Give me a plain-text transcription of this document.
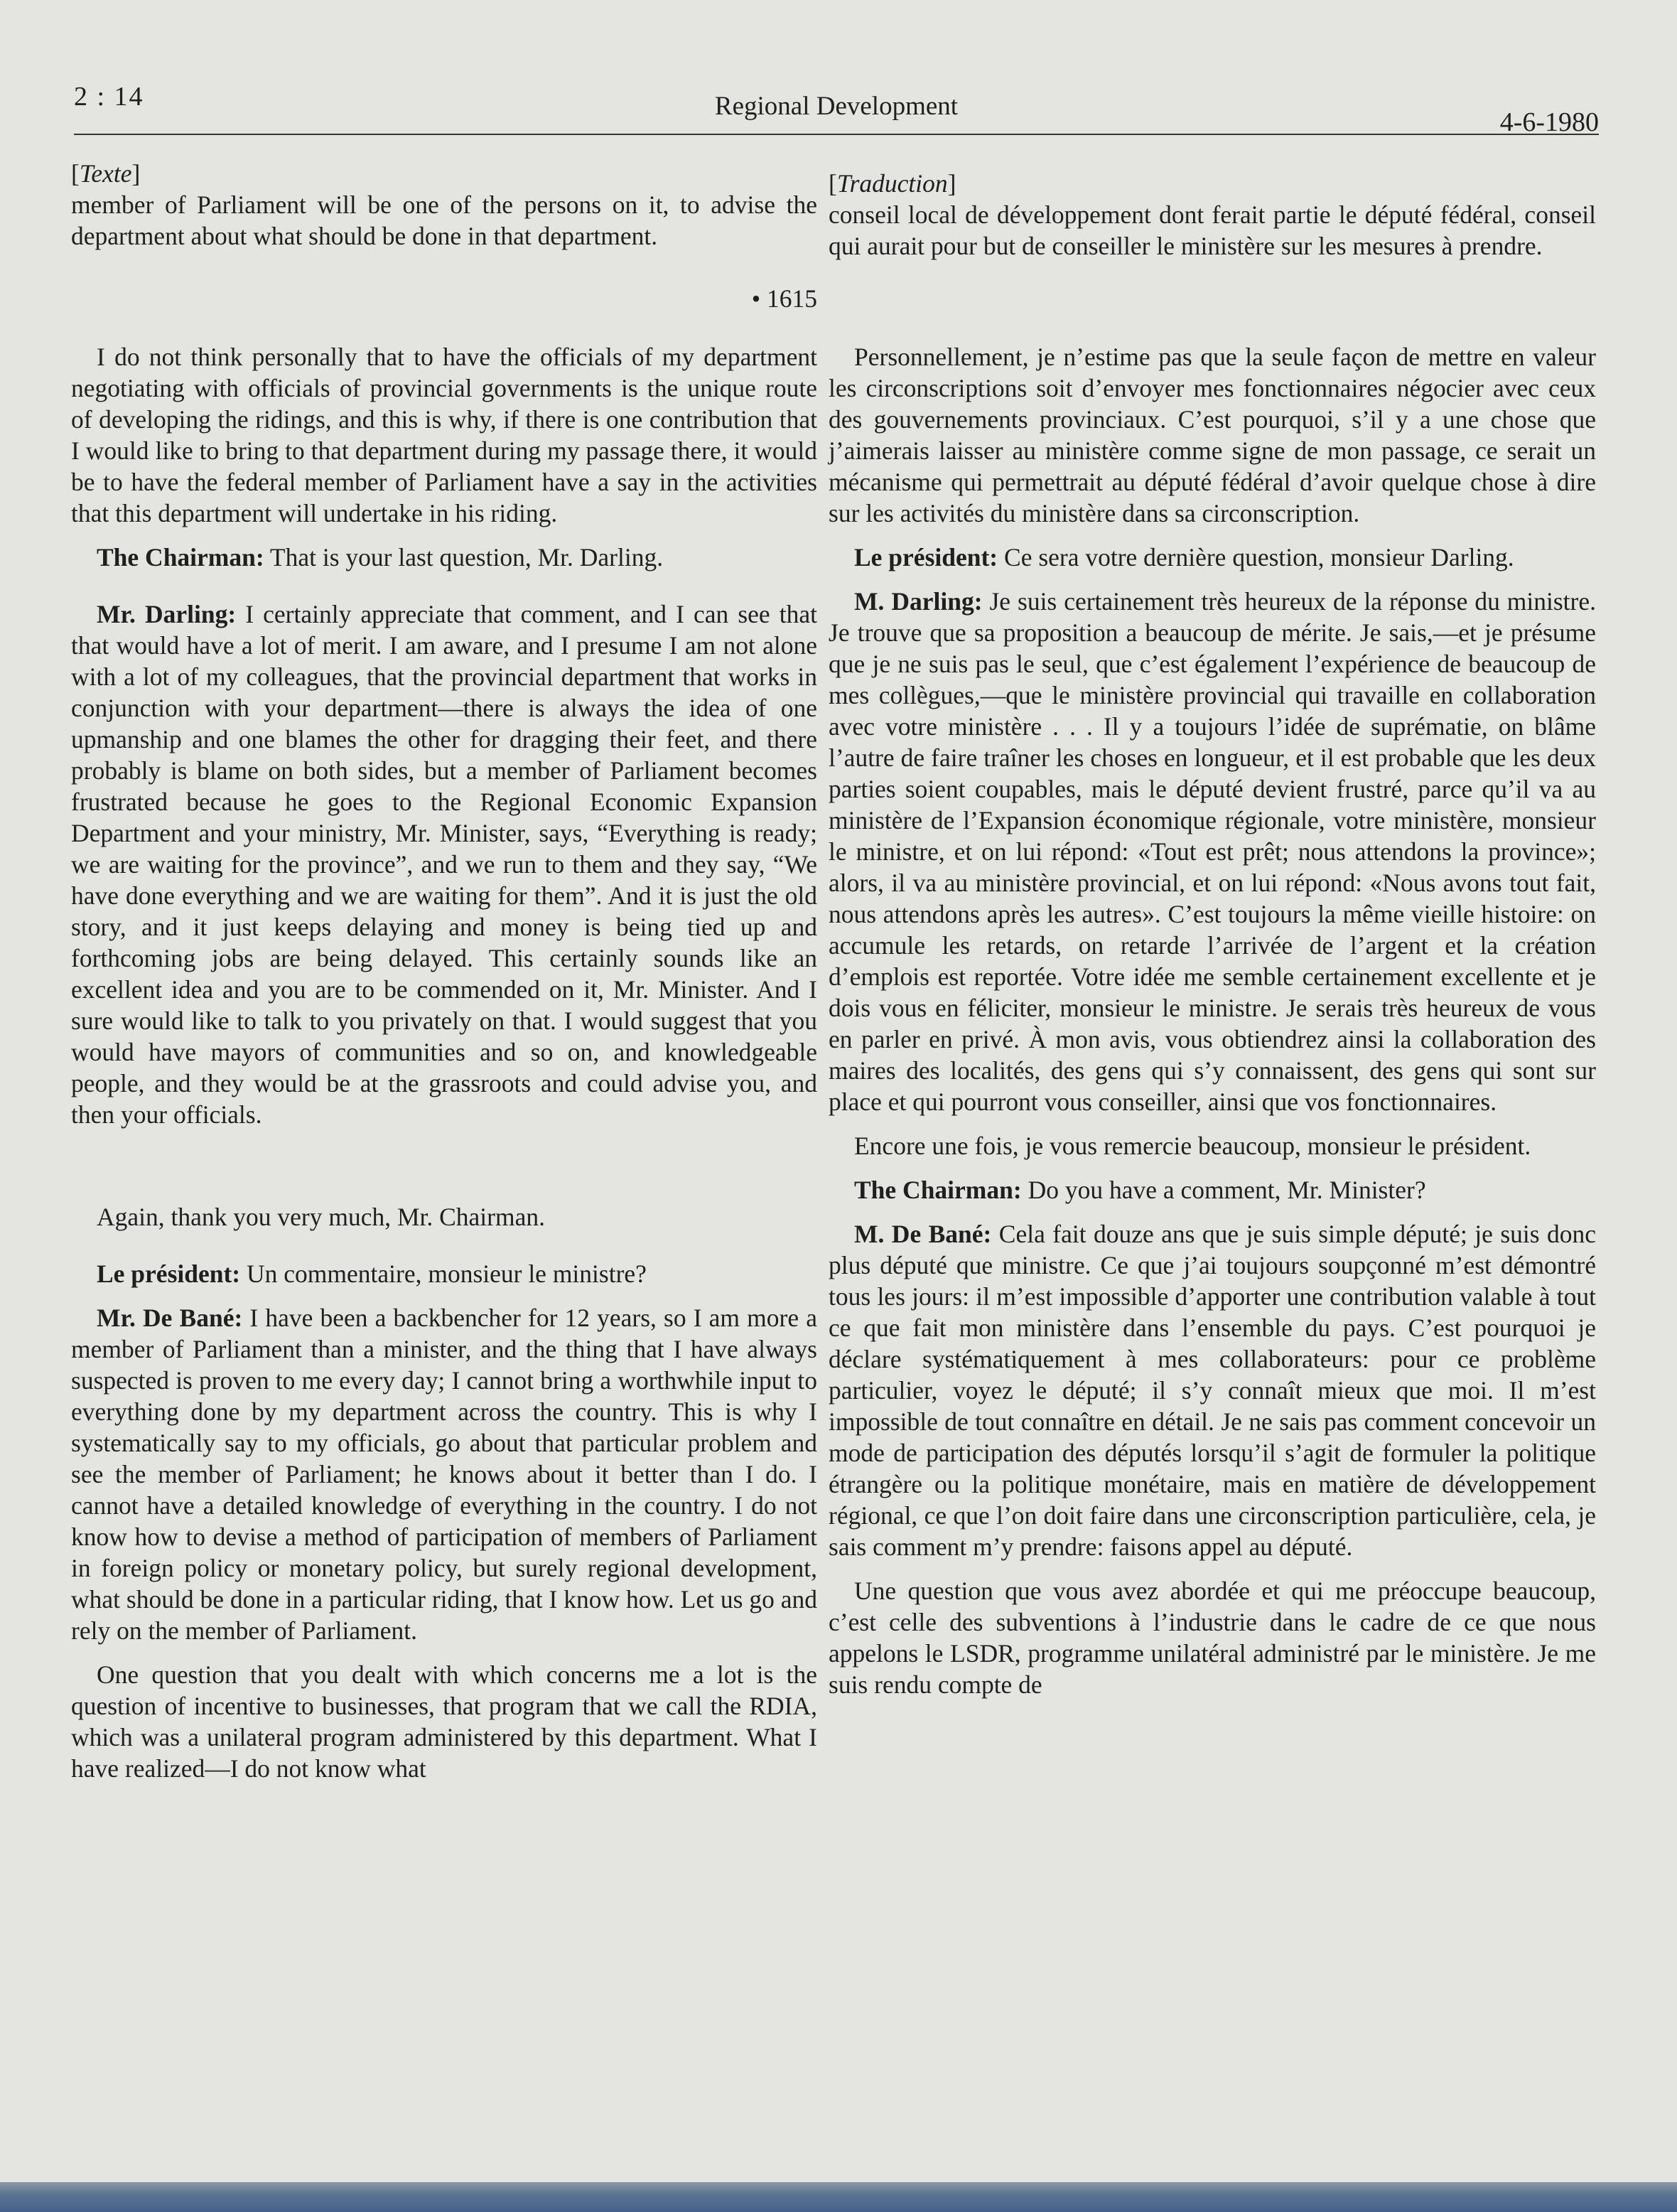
2 : 14	Regional Development
4-6-1980

[Texte]

member of Parliament will be one of the persons on it, to advise the department about what should be done in that department.

• 1615

I do not think personally that to have the officials of my department negotiating with officials of provincial governments is the unique route of developing the ridings, and this is why, if there is one contribution that I would like to bring to that department during my passage there, it would be to have the federal member of Parliament have a say in the activities that this department will undertake in his riding.

The Chairman: That is your last question, Mr. Darling.

Mr. Darling: I certainly appreciate that comment, and I can see that that would have a lot of merit. I am aware, and I presume I am not alone with a lot of my colleagues, that the provincial department that works in conjunction with your department—there is always the idea of one upmanship and one blames the other for dragging their feet, and there probably is blame on both sides, but a member of Parliament becomes frustrated because he goes to the Regional Economic Expansion Department and your ministry, Mr. Minister, says, “Everything is ready; we are waiting for the province”, and we run to them and they say, “We have done everything and we are waiting for them”. And it is just the old story, and it just keeps delaying and money is being tied up and forthcoming jobs are being delayed. This certainly sounds like an excellent idea and you are to be commended on it, Mr. Minister. And I sure would like to talk to you privately on that. I would suggest that you would have mayors of communities and so on, and knowledgeable people, and they would be at the grassroots and could advise you, and then your officials.

Again, thank you very much, Mr. Chairman.

Le président: Un commentaire, monsieur le ministre?

Mr. De Bané: I have been a backbencher for 12 years, so I am more a member of Parliament than a minister, and the thing that I have always suspected is proven to me every day; I cannot bring a worthwhile input to everything done by my department across the country. This is why I systematically say to my officials, go about that particular problem and see the member of Parliament; he knows about it better than I do. I cannot have a detailed knowledge of everything in the country. I do not know how to devise a method of participation of members of Parliament in foreign policy or monetary policy, but surely regional development, what should be done in a particular riding, that I know how. Let us go and rely on the member of Parliament.

One question that you dealt with which concerns me a lot is the question of incentive to businesses, that program that we call the RDIA, which was a unilateral program administered by this department. What I have realized—I do not know what

[Traduction]

conseil local de développement dont ferait partie le député fédéral, conseil qui aurait pour but de conseiller le ministère sur les mesures à prendre.

Personnellement, je n’estime pas que la seule façon de mettre en valeur les circonscriptions soit d’envoyer mes fonctionnaires négocier avec ceux des gouvernements provinciaux. C’est pourquoi, s’il y a une chose que j’aimerais laisser au ministère comme signe de mon passage, ce serait un mécanisme qui permettrait au député fédéral d’avoir quelque chose à dire sur les activités du ministère dans sa circonscription.

Le président: Ce sera votre dernière question, monsieur Darling.

M. Darling: Je suis certainement très heureux de la réponse du ministre. Je trouve que sa proposition a beaucoup de mérite. Je sais,—et je présume que je ne suis pas le seul, que c’est également l’expérience de beaucoup de mes collègues,—que le ministère provincial qui travaille en collaboration avec votre ministère . . . Il y a toujours l’idée de suprématie, on blâme l’autre de faire traîner les choses en longueur, et il est probable que les deux parties soient coupables, mais le député devient frustré, parce qu’il va au ministère de l’Expansion économique régionale, votre ministère, monsieur le ministre, et on lui répond: «Tout est prêt; nous attendons la province»; alors, il va au ministère provincial, et on lui répond: «Nous avons tout fait, nous attendons après les autres». C’est toujours la même vieille histoire: on accumule les retards, on retarde l’arrivée de l’argent et la création d’emplois est reportée. Votre idée me semble certainement excellente et je dois vous en féliciter, monsieur le ministre. Je serais très heureux de vous en parler en privé. À mon avis, vous obtiendrez ainsi la collaboration des maires des localités, des gens qui s’y connaissent, des gens qui sont sur place et qui pourront vous conseiller, ainsi que vos fonctionnaires.

Encore une fois, je vous remercie beaucoup, monsieur le président.

The Chairman: Do you have a comment, Mr. Minister?

M. De Bané: Cela fait douze ans que je suis simple député; je suis donc plus député que ministre. Ce que j’ai toujours soupçonné m’est démontré tous les jours: il m’est impossible d’apporter une contribution valable à tout ce que fait mon ministère dans l’ensemble du pays. C’est pourquoi je déclare systématiquement à mes collaborateurs: pour ce problème particulier, voyez le député; il s’y connaît mieux que moi. Il m’est impossible de tout connaître en détail. Je ne sais pas comment concevoir un mode de participation des députés lorsqu’il s’agit de formuler la politique étrangère ou la politique monétaire, mais en matière de développement régional, ce que l’on doit faire dans une circonscription particulière, cela, je sais comment m’y prendre: faisons appel au député.

Une question que vous avez abordée et qui me préoccupe beaucoup, c’est celle des subventions à l’industrie dans le cadre de ce que nous appelons le LSDR, programme unilatéral administré par le ministère. Je me suis rendu compte de
